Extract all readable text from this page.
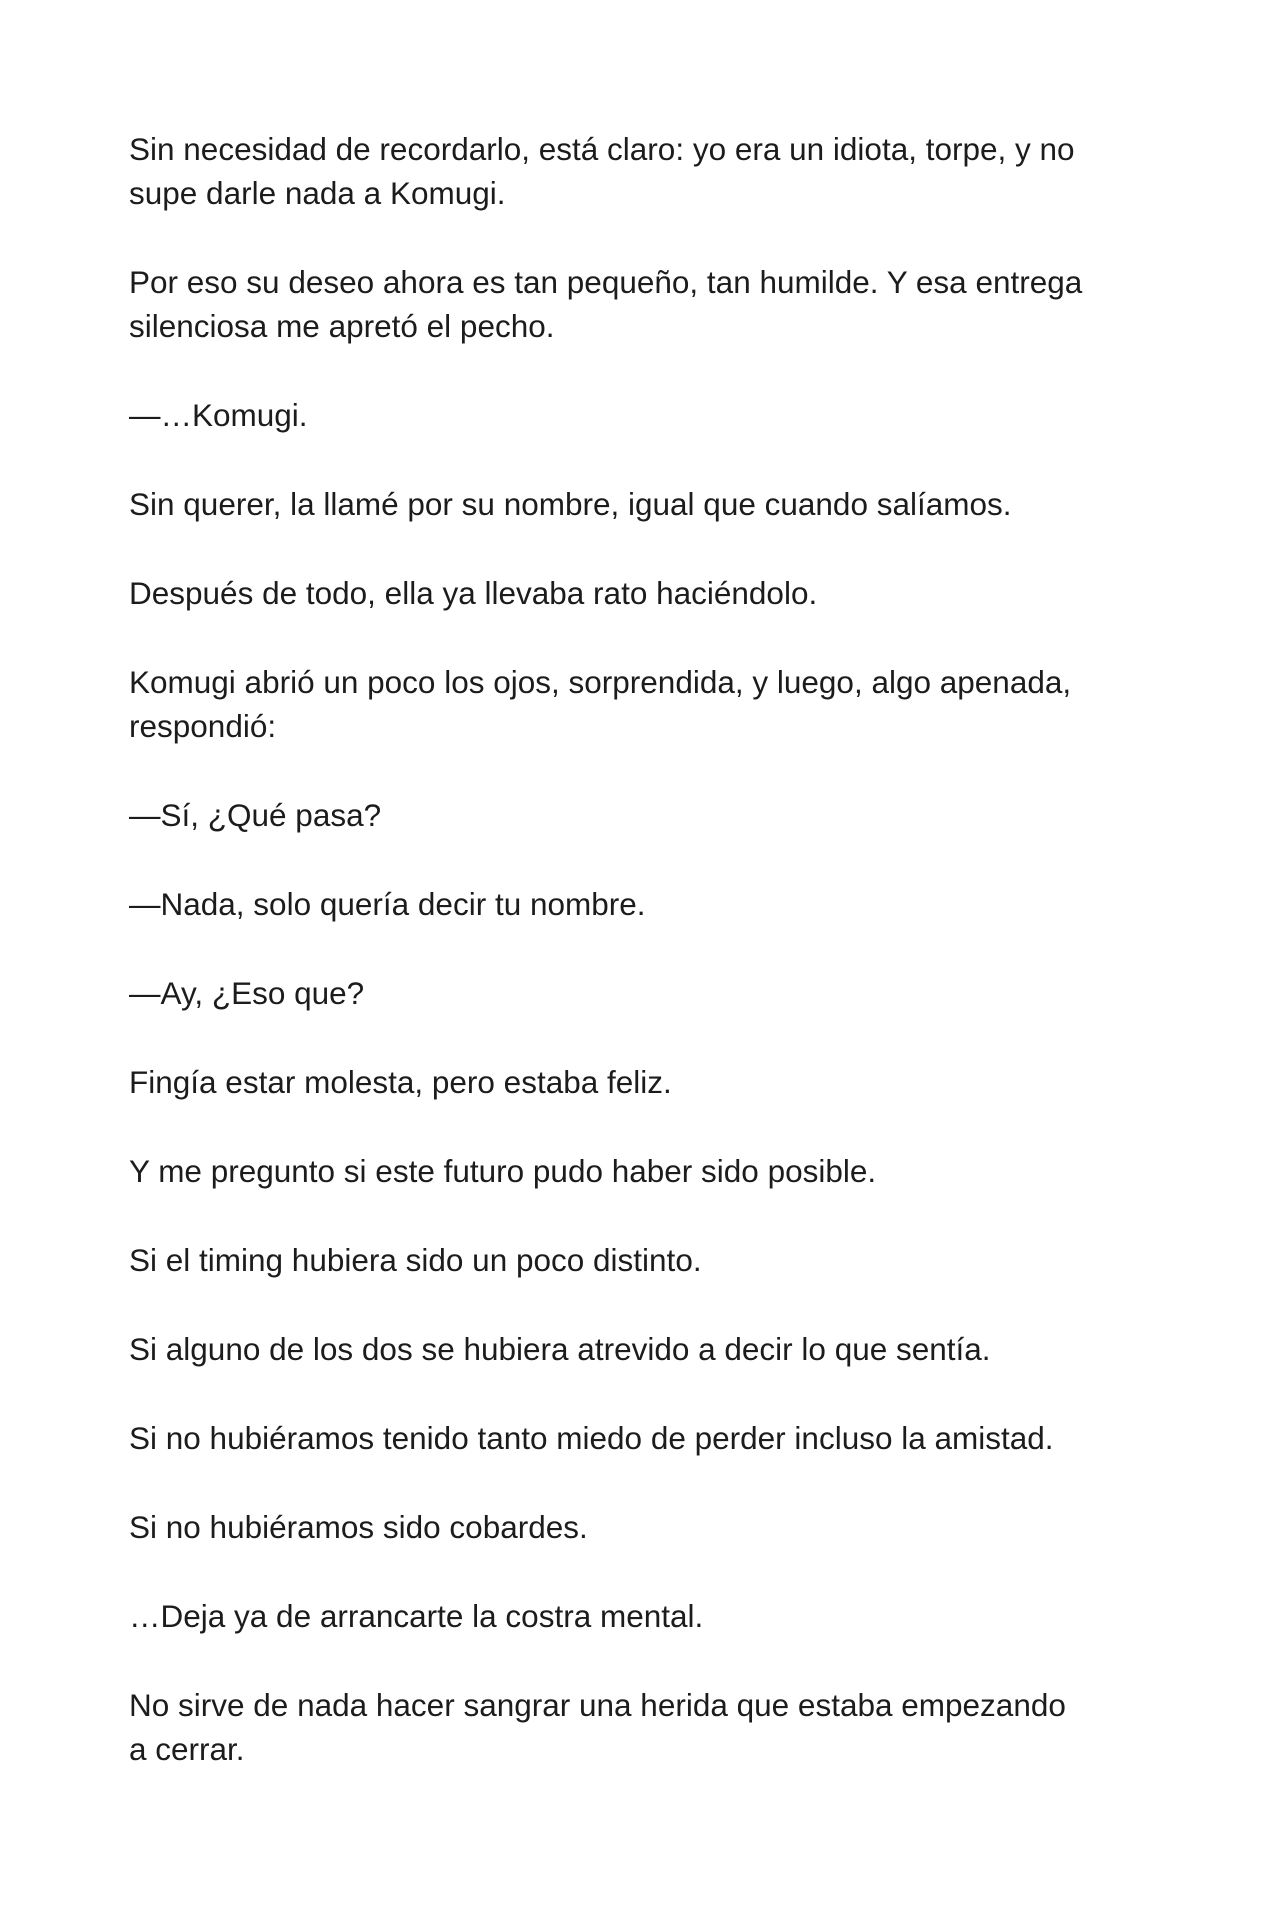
Sin necesidad de recordarlo, está claro: yo era un idiota, torpe, y no
supe darle nada a Komugi.

Por eso su deseo ahora es tan pequeño, tan humilde. Y esa entrega
silenciosa me apretó el pecho.

—…Komugi.

Sin querer, la llamé por su nombre, igual que cuando salíamos.

Después de todo, ella ya llevaba rato haciéndolo.

Komugi abrió un poco los ojos, sorprendida, y luego, algo apenada,
respondió:

—Sí, ¿Qué pasa?

—Nada, solo quería decir tu nombre.

—Ay, ¿Eso que?

Fingía estar molesta, pero estaba feliz.

Y me pregunto si este futuro pudo haber sido posible.

Si el timing hubiera sido un poco distinto.

Si alguno de los dos se hubiera atrevido a decir lo que sentía.

Si no hubiéramos tenido tanto miedo de perder incluso la amistad.

Si no hubiéramos sido cobardes.

…Deja ya de arrancarte la costra mental.

No sirve de nada hacer sangrar una herida que estaba empezando
a cerrar.
